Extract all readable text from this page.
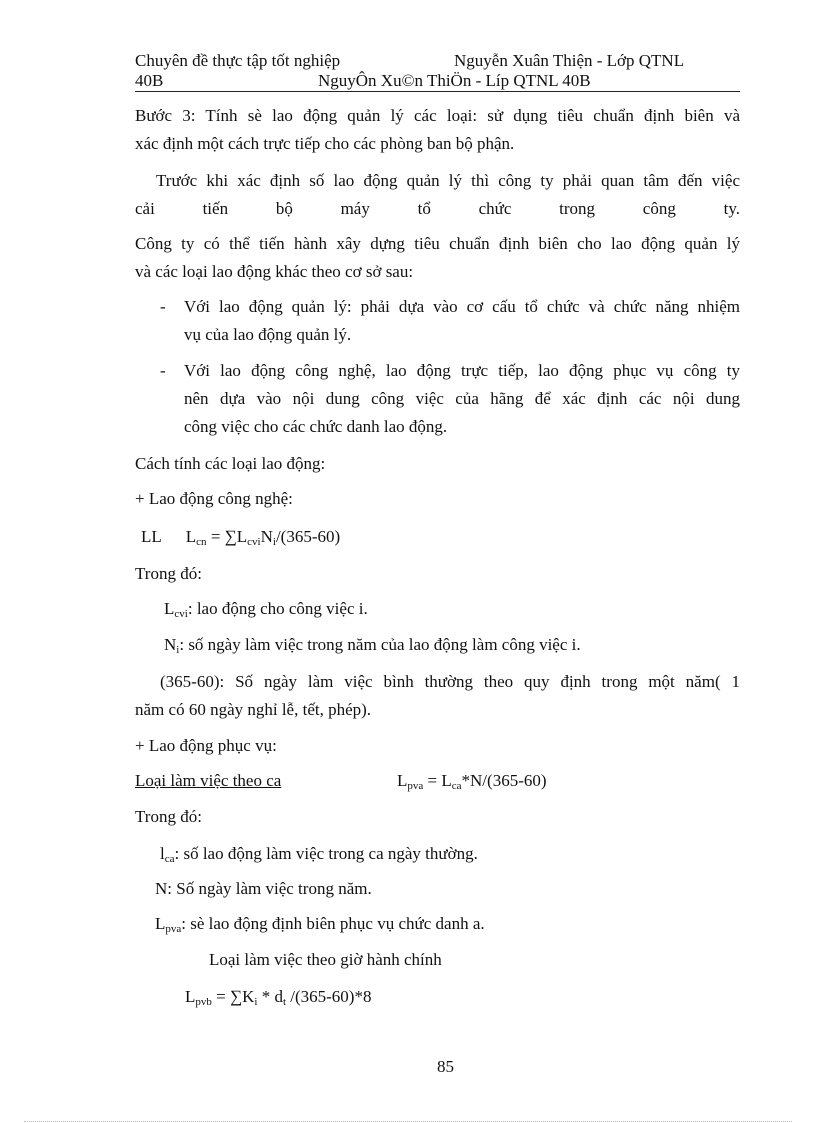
Chuyên đề thực tập tốt nghiệp	Nguyễn Xuân Thiện - Lớp QTNL
40B	NguyÔn Xu©n ThiÖn - Líp QTNL 40B
Bước 3: Tính sè lao động quản lý các loại: sử dụng tiêu chuẩn định biên và
xác định một cách trực tiếp cho các phòng ban bộ phận.
Trước khi xác định số lao động quản lý thì công ty phải quan tâm đến việc
cải	tiến	bộ	máy	tổ	chức	trong	công	ty.
Công ty có thể tiến hành xây dựng tiêu chuẩn định biên cho lao động quản lý
và các loại lao động khác theo cơ sở sau:
- Với lao động quản lý: phải dựa vào cơ cấu tổ chức và chức năng nhiệm
vụ của lao động quản lý.
- Với lao động công nghệ, lao động trực tiếp, lao động phục vụ công ty
nên dựa vào nội dung công việc của hãng để xác định các nội dung
công việc cho các chức danh lao động.
Cách tính các loại lao động:
+ Lao động công nghệ:
LL $L_{cn} = \sum L_{cvi}N_i/(365-60)$
Trong đó:
$L_{cvi}$: lao động cho công việc i.
$N_i$: số ngày làm việc trong năm của lao động làm công việc i.
(365-60): Số ngày làm việc bình thường theo quy định trong một năm( 1
năm có 60 ngày nghỉ lễ, tết, phép).
+ Lao động phục vụ:
Loại làm việc theo ca	$L_{pva} = L_{ca}*N/(365-60)$
Trong đó:
$l_{ca}$: số lao động làm việc trong ca ngày thường.
N: Số ngày làm việc trong năm.
$L_{pva}$: sè lao động định biên phục vụ chức danh a.
Loại làm việc theo giờ hành chính
$L_{pvb} = \sum K_i * d_t$ /(365-60)*8
85
